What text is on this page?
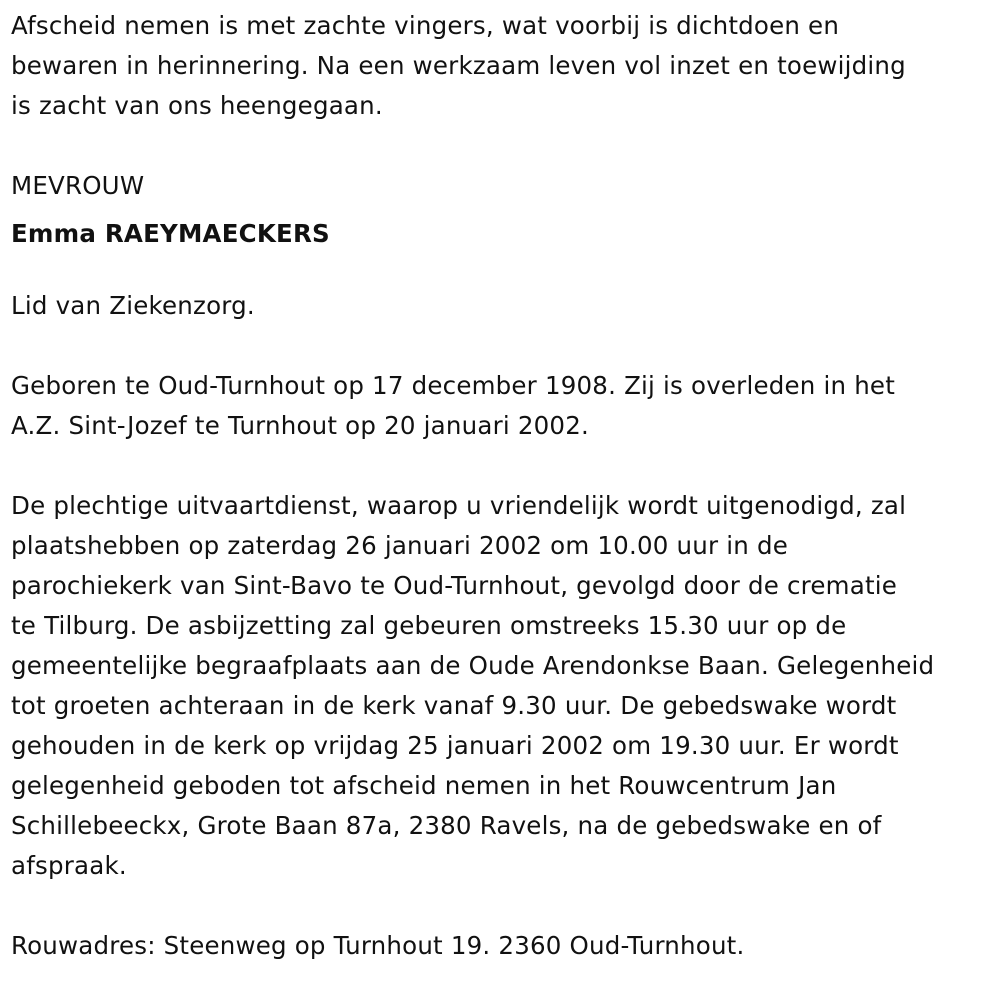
Afscheid nemen is met zachte vingers, wat voorbij is dichtdoen en
bewaren in herinnering. Na een werkzaam leven vol inzet en toewijding
is zacht van ons heengegaan.
MEVROUW
Emma RAEYMAECKERS
Lid van Ziekenzorg.
Geboren te Oud-Turnhout op 17 december 1908. Zij is overleden in het
A.Z. Sint-Jozef te Turnhout op 20 januari 2002.
De plechtige uitvaartdienst, waarop u vriendelijk wordt uitgenodigd, zal
plaatshebben op zaterdag 26 januari 2002 om 10.00 uur in de
parochiekerk van Sint-Bavo te Oud-Turnhout, gevolgd door de crematie
te Tilburg. De asbijzetting zal gebeuren omstreeks 15.30 uur op de
gemeentelijke begraafplaats aan de Oude Arendonkse Baan. Gelegenheid
tot groeten achteraan in de kerk vanaf 9.30 uur. De gebedswake wordt
gehouden in de kerk op vrijdag 25 januari 2002 om 19.30 uur. Er wordt
gelegenheid geboden tot afscheid nemen in het Rouwcentrum Jan
Schillebeeckx, Grote Baan 87a, 2380 Ravels, na de gebedswake en of
afspraak.
Rouwadres: Steenweg op Turnhout 19. 2360 Oud-Turnhout.
